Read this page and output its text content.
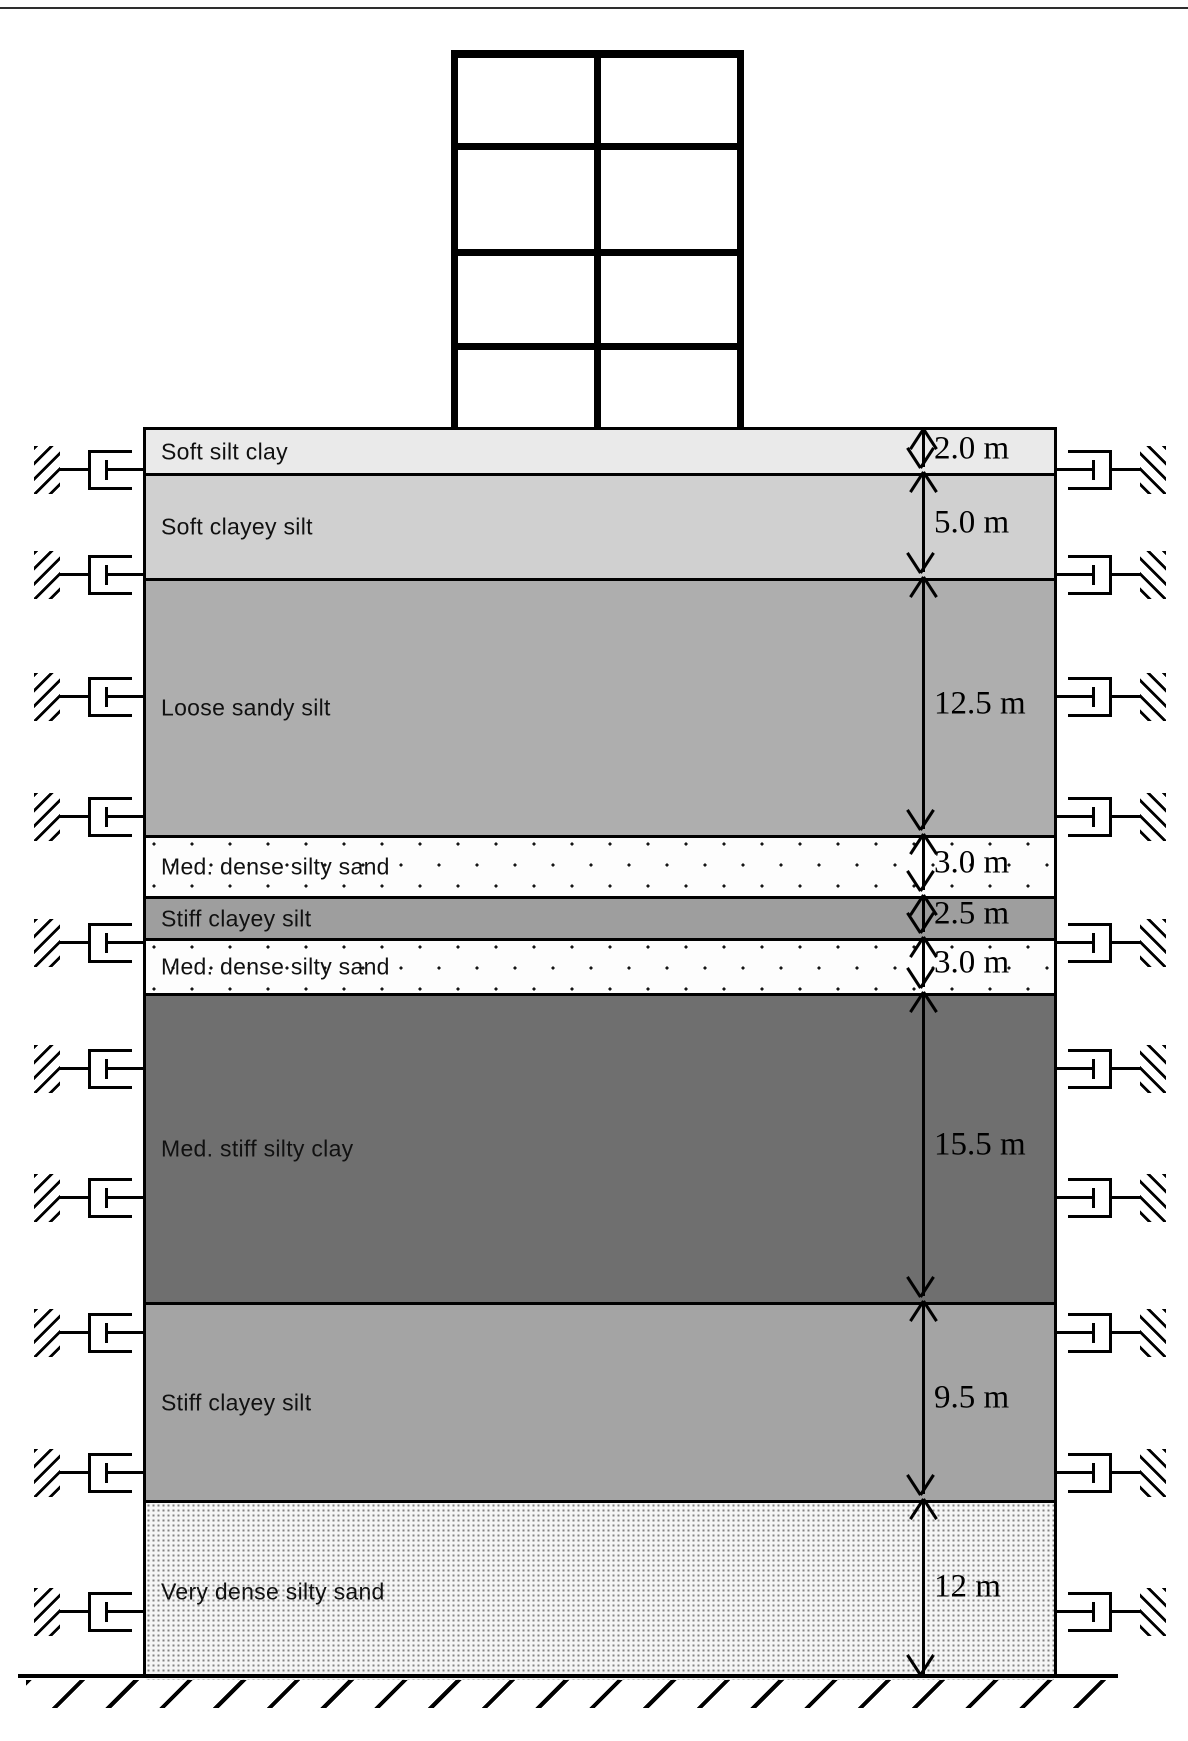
Soft silt clay
Soft clayey silt
Loose sandy silt
Med. dense silty sand
Stiff clayey silt
Med. dense silty sand
Med. stiff silty clay
Stiff clayey silt
Very dense silty sand
2.0 m
5.0 m
12.5 m
3.0 m
2.5 m
3.0 m
15.5 m
9.5 m
12 m
